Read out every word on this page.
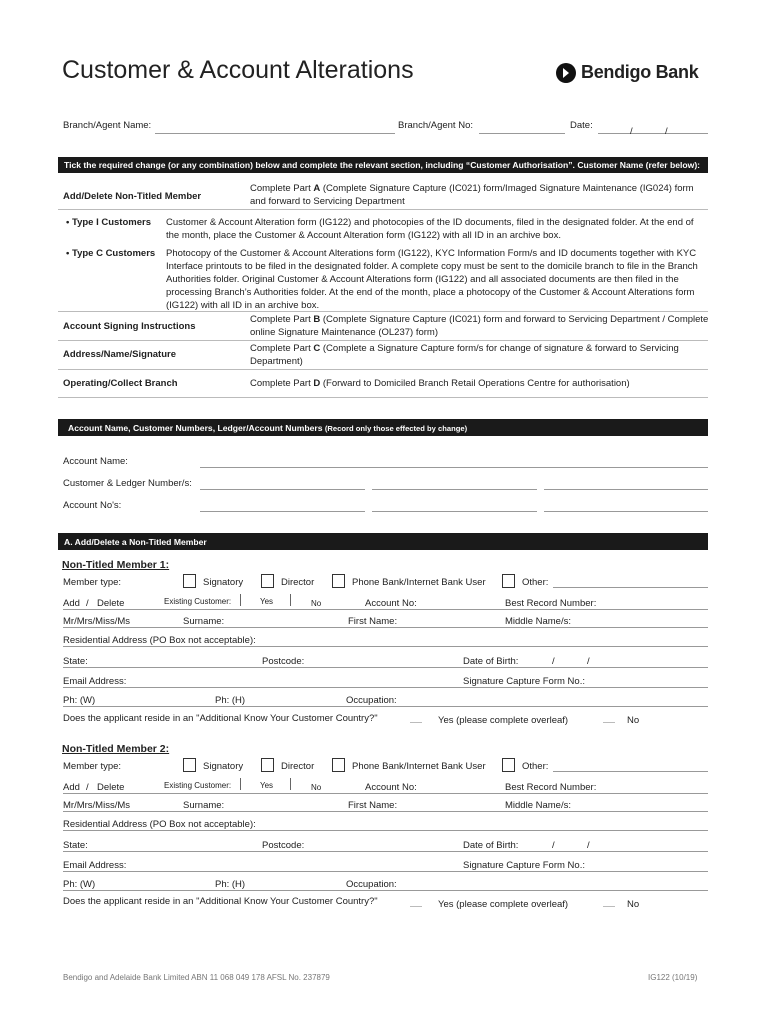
Customer & Account Alterations	Bendigo Bank
Branch/Agent Name:	Branch/Agent No:	Date:
/	/
Tick the required change (or any combination) below and complete the relevant section, including “Customer Authorisation”. Customer Name (refer below):
Add/Delete Non-Titled Member
Complete Part A (Complete Signature Capture (IC021) form/Imaged Signature Maintenance (IG024) form
and forward to Servicing Department
• Type I Customers Customer & Account Alteration form (IG122) and photocopies of the ID documents, filed in the designated folder. At the end of
the month, place the Customer & Account Alteration form (IG122) with all ID in an archive box.
• Type C Customers Photocopy of the Customer & Account Alterations form (IG122), KYC Information Form/s and ID documents together with KYC
Interface printouts to be filed in the designated folder. A complete copy must be sent to the domicile branch to file in the Branch
Authorities folder. Original Customer & Account Alterations form (IG122) and all associated documents are then filed in the
processing Branch’s Authorities folder. At the end of the month, place a photocopy of the Customer & Account Alterations form
(IG122) with all ID in an archive box.
Account Signing Instructions
Complete Part B (Complete Signature Capture (IC021) form and forward to Servicing Department / Complete
online Signature Maintenance (OL237) form)
Address/Name/Signature
Complete Part C (Complete a Signature Capture form/s for change of signature & forward to Servicing
Department)
Operating/Collect Branch	Complete Part D (Forward to Domiciled Branch Retail Operations Centre for authorisation)
Account Name, Customer Numbers, Ledger/Account Numbers (Record only those effected by change)
Account Name:
Customer & Ledger Number/s:
Account No's:
A. Add/Delete a Non-Titled Member
Non-Titled Member 1:
Member type:	Signatory	Director	Phone Bank/Internet Bank User	Other:
Add / Delete	Existing Customer:	Yes	No	Account No:	Best Record Number:
Mr/Mrs/Miss/Ms	Surname:	First Name:	Middle Name/s:
Residential Address (PO Box not acceptable):
State:	Postcode:	Date of Birth:	/	/
Email Address:	Signature Capture Form No.:
Ph: (W)	Ph: (H)	Occupation:
Does the applicant reside in an "Additional Know Your Customer Country?"	Yes (please complete overleaf)	No
Non-Titled Member 2:
Member type:	Signatory	Director	Phone Bank/Internet Bank User	Other:
Add / Delete	Existing Customer:	Yes	No	Account No:	Best Record Number:
Mr/Mrs/Miss/Ms	Surname:	First Name:	Middle Name/s:
Residential Address (PO Box not acceptable):
State:	Postcode:	Date of Birth:	/	/
Email Address:	Signature Capture Form No.:
Ph: (W)	Ph: (H)	Occupation:
Does the applicant reside in an "Additional Know Your Customer Country?"	Yes (please complete overleaf)	No
Bendigo and Adelaide Bank Limited ABN 11 068 049 178 AFSL No. 237879	IG122 (10/19)
